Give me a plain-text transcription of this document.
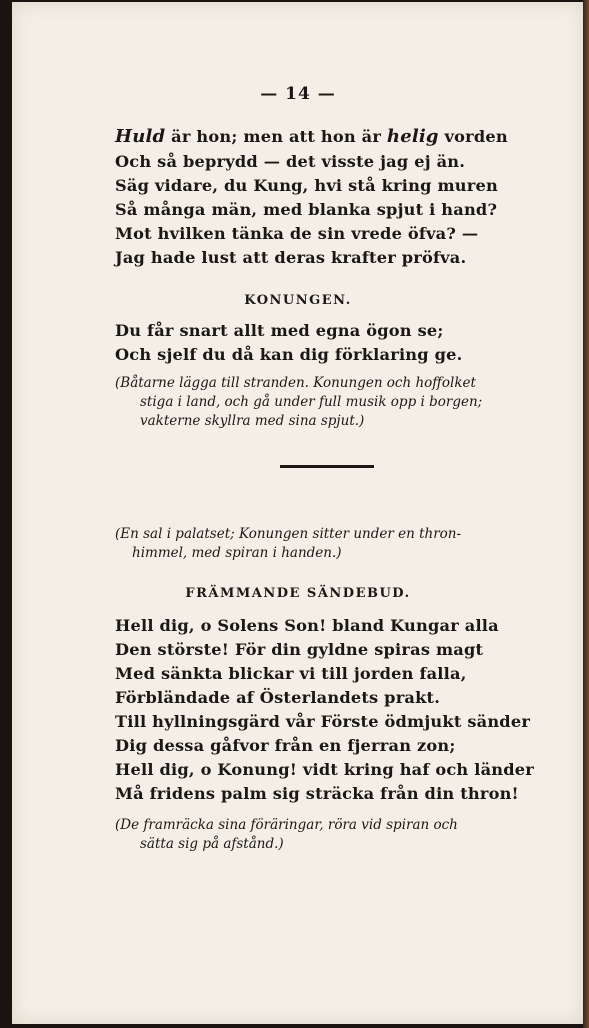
— 14 —
Huld är hon; men att hon är helig vorden
Och så beprydd — det visste jag ej än.
Säg vidare, du Kung, hvi stå kring muren
Så många män, med blanka spjut i hand?
Mot hvilken tänka de sin vrede öfva? —
Jag hade lust att deras krafter pröfva.
KONUNGEN.
Du får snart allt med egna ögon se;
Och sjelf du då kan dig förklaring ge.
(Båtarne lägga till stranden. Konungen och hoffolket
stiga i land, och gå under full musik opp i borgen;
vakterne skyllra med sina spjut.)
(En sal i palatset; Konungen sitter under en thron-
himmel, med spiran i handen.)
FRÄMMANDE SÄNDEBUD.
Hell dig, o Solens Son! bland Kungar alla
Den störste! För din gyldne spiras magt
Med sänkta blickar vi till jorden falla,
Förbländade af Österlandets prakt.
Till hyllningsgärd vår Förste ödmjukt sänder
Dig dessa gåfvor från en fjerran zon;
Hell dig, o Konung! vidt kring haf och länder
Må fridens palm sig sträcka från din thron!
(De framräcka sina föräringar, röra vid spiran och
sätta sig på afstånd.)
